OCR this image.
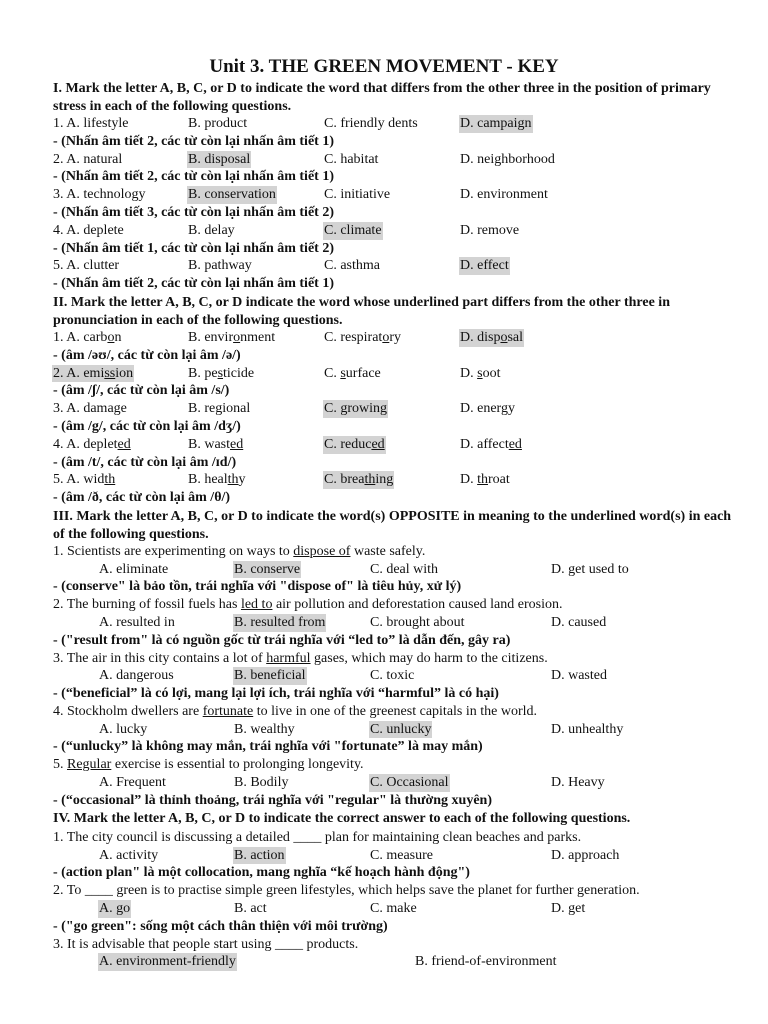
Unit 3. THE GREEN MOVEMENT - KEY
I. Mark the letter A, B, C, or D to indicate the word that differs from the other three in the position of primary stress in each of the following questions.
II. Mark the letter A, B, C, or D indicate the word whose underlined part differs from the other three in pronunciation in each of the following questions.
III. Mark the letter A, B, C, or D to indicate the word(s) OPPOSITE in meaning to the underlined word(s) in each of the following questions.
IV. Mark the letter A, B, C, or D to indicate the correct answer to each of the following questions.
1. A. lifestyle	B. product	C. friendly dents	D. campaign
- (Nhấn âm tiết 2, các từ còn lại nhấn âm tiết 1)
2. A. natural	B. disposal	C. habitat	D. neighborhood
- (Nhấn âm tiết 2, các từ còn lại nhấn âm tiết 1)
3. A. technology	B. conservation	C. initiative	D. environment
- (Nhấn âm tiết 3, các từ còn lại nhấn âm tiết 2)
4. A. deplete	B. delay	C. climate	D. remove
- (Nhấn âm tiết 1, các từ còn lại nhấn âm tiết 2)
5. A. clutter	B. pathway	C. asthma	D. effect
- (Nhấn âm tiết 2, các từ còn lại nhấn âm tiết 1)
1. A. carbon	B. environment	C. respiratory	D. disposal
- (âm /əʊ/, các từ còn lại âm /ə/)
2. A. emission	B. pesticide	C. surface	D. soot
- (âm /ʃ/, các từ còn lại âm /s/)
3. A. damage	B. regional	C. growing	D. energy
- (âm /g/, các từ còn lại âm /dʒ/)
4. A. depleted	B. wasted	C. reduced	D. affected
- (âm /t/, các từ còn lại âm /ɪd/)
5. A. width	B. healthy	C. breathing	D. throat
- (âm /ð, các từ còn lại âm /θ/)
1. Scientists are experimenting on ways to dispose of waste safely.
A. eliminate	B. conserve	C. deal with	D. get used to
- (conserve" là bảo tồn, trái nghĩa với "dispose of" là tiêu hủy, xử lý)
2. The burning of fossil fuels has led to air pollution and deforestation caused land erosion.
A. resulted in	B. resulted from	C. brought about	D. caused
- ("result from" là có nguồn gốc từ trái nghĩa với “led to” là dẫn đến, gây ra)
3. The air in this city contains a lot of harmful gases, which may do harm to the citizens.
A. dangerous	B. beneficial	C. toxic	D. wasted
- (“beneficial” là có lợi, mang lại lợi ích, trái nghĩa với “harmful” là có hại)
4. Stockholm dwellers are fortunate to live in one of the greenest capitals in the world.
A. lucky	B. wealthy	C. unlucky	D. unhealthy
- (“unlucky” là không may mắn, trái nghĩa với "fortunate” là may mắn)
5. Regular exercise is essential to prolonging longevity.
A. Frequent	B. Bodily	C. Occasional	D. Heavy
- (“occasional” là thỉnh thoảng, trái nghĩa với "regular" là thường xuyên)
1. The city council is discussing a detailed ____ plan for maintaining clean beaches and parks.
A. activity	B. action	C. measure	D. approach
- (action plan" là một collocation, mang nghĩa “kế hoạch hành động")
2. To ____ green is to practise simple green lifestyles, which helps save the planet for further generation.
A. go	B. act	C. make	D. get
- ("go green": sống một cách thân thiện với môi trường)
3. It is advisable that people start using ____ products.
A. environment-friendly	B. friend-of-environment
